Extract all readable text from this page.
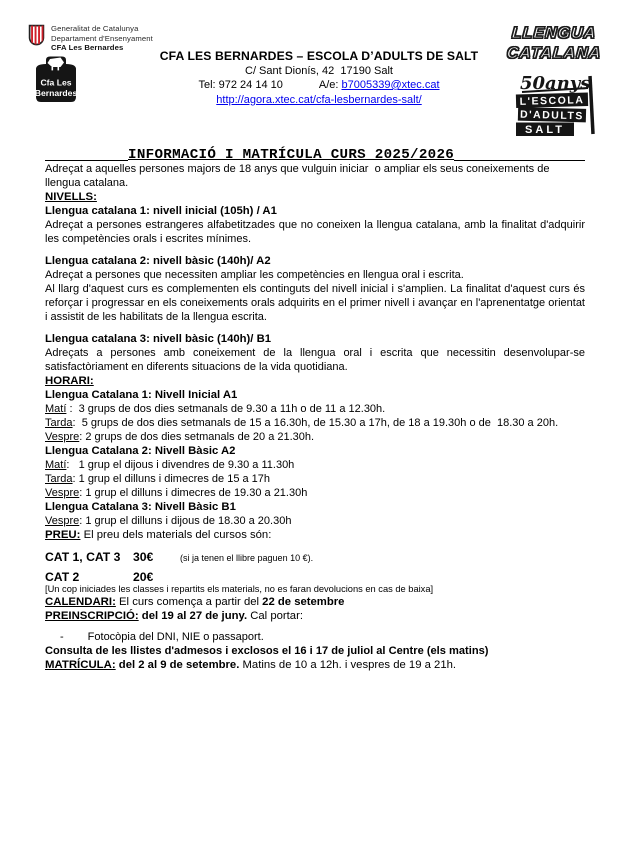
Generalitat de Catalunya
Departament d'Ensenyament
CFA Les Bernardes
Cfa Les
Bernardes
CFA LES BERNARDES – ESCOLA D’ADULTS DE SALT
C/ Sant Dionís, 42  17190 Salt
Tel: 972 24 14 10	A/e: b7005339@xtec.cat
http://agora.xtec.cat/cfa-lesbernardes-salt/
LLENGUA
CATALANA
50anys
L'ESCOLA
D'ADULTS
SALT
INFORMACIÓ I MATRÍCULA CURS 2025/2026

Adreçat a aquelles persones majors de 18 anys que vulguin iniciar  o ampliar els seus coneixements de llengua catalana.

NIVELLS:

Llengua catalana 1: nivell inicial (105h) / A1

Adreçat a persones estrangeres alfabetitzades que no coneixen la llengua catalana, amb la finalitat d'adquirir les competències orals i escrites mínimes.

Llengua catalana 2: nivell bàsic (140h)/ A2

Adreçat a persones que necessiten ampliar les competències en llengua oral i escrita.

Al llarg d'aquest curs es complementen els continguts del nivell inicial i s'amplien. La finalitat d'aquest curs és reforçar i progressar en els coneixements orals adquirits en el primer nivell i avançar en l'aprenentatge orientat i assistit de les habilitats de la llengua escrita.

Llengua catalana 3: nivell bàsic (140h)/ B1

Adreçats a persones amb coneixement de la llengua oral i escrita que necessitin desenvolupar-se satisfactòriament en diferents situacions de la vida quotidiana.

HORARI:

Llengua Catalana 1: Nivell Inicial A1

Matí :  3 grups de dos dies setmanals de 9.30 a 11h o de 11 a 12.30h.

Tarda:  5 grups de dos dies setmanals de 15 a 16.30h, de 15.30 a 17h, de 18 a 19.30h o de  18.30 a 20h.

Vespre: 2 grups de dos dies setmanals de 20 a 21.30h.

Llengua Catalana 2: Nivell Bàsic A2

Matí:   1 grup el dijous i divendres de 9.30 a 11.30h

Tarda: 1 grup el dilluns i dimecres de 15 a 17h

Vespre: 1 grup el dilluns i dimecres de 19.30 a 21.30h

Llengua Catalana 3: Nivell Bàsic B1

Vespre: 1 grup el dilluns i dijous de 18.30 a 20.30h

PREU: El preu dels materials del cursos són:

CAT 1, CAT 3	30€	(si ja tenen el llibre paguen 10 €).
CAT 2	20€

[Un cop iniciades les classes i repartits els materials, no es faran devolucions en cas de baixa]

CALENDARI: El curs comença a partir del 22 de setembre

PREINSCRIPCIÓ: del 19 al 27 de juny. Cal portar:

- Fotocòpia del DNI, NIE o passaport.

Consulta de les llistes d'admesos i exclosos el 16 i 17 de juliol al Centre (els matins)

MATRÍCULA: del 2 al 9 de setembre. Matins de 10 a 12h. i vespres de 19 a 21h.
